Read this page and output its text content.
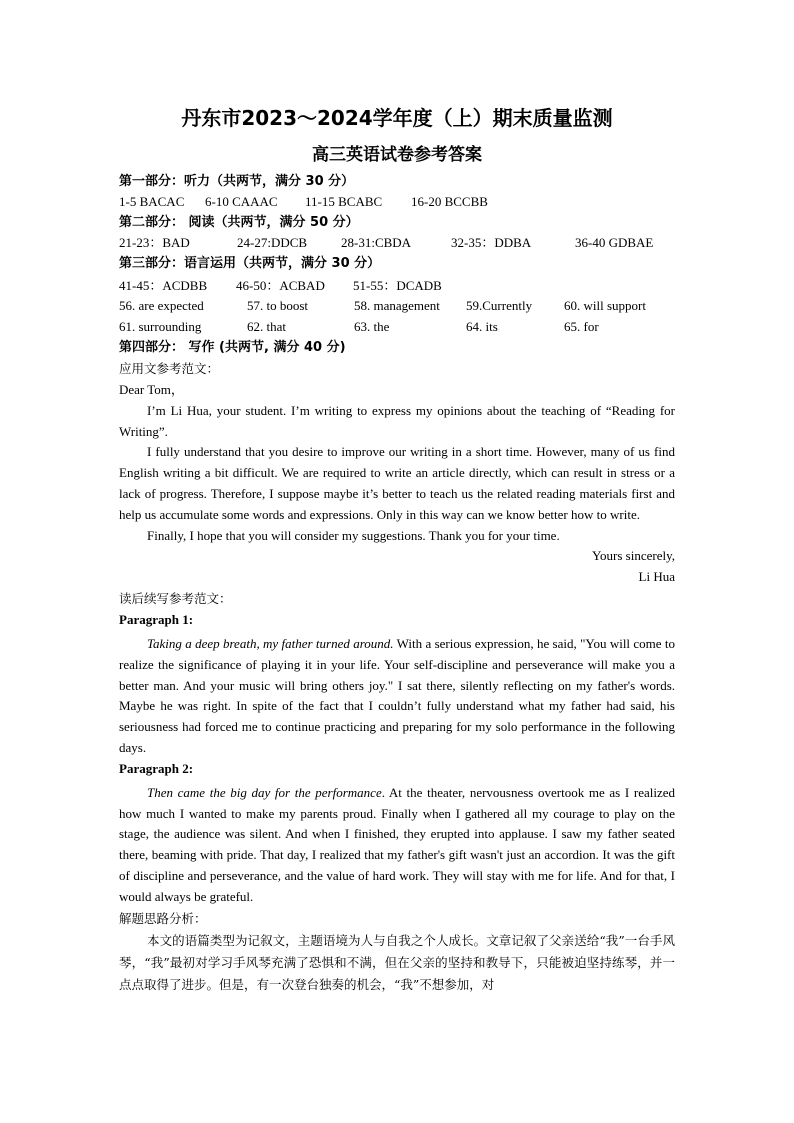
丹东市2023～2024学年度（上）期末质量监测
高三英语试卷参考答案
第一部分：听力（共两节，满分 30 分）
1-5 BACAC	6-10 CAAAC	11-15 BCABC	16-20 BCCBB
第二部分： 阅读（共两节，满分 50 分）
21-23：BAD	24-27:DDCB	28-31:CBDA	32-35：DDBA	36-40 GDBAE
第三部分：语言运用（共两节，满分 30 分）
41-45：ACDBB	46-50：ACBAD	51-55：DCADB
56. are expected	57. to boost	58. management	59.Currently	60. will support
61. surrounding	62. that	63. the	64. its	65. for
第四部分： 写作 (共两节, 满分 40 分)

应用文参考范文：

Dear Tom，

I’m Li Hua, your student. I’m writing to express my opinions about the teaching of “Reading for Writing”.

I fully understand that you desire to improve our writing in a short time. However, many of us find English writing a bit difficult. We are required to write an article directly, which can result in stress or a lack of progress. Therefore, I suppose maybe it’s better to teach us the related reading materials first and help us accumulate some words and expressions. Only in this way can we know better how to write.

Finally, I hope that you will consider my suggestions. Thank you for your time.

Yours sincerely,

Li Hua

读后续写参考范文：

Paragraph 1:

Taking a deep breath, my father turned around. With a serious expression, he said, "You will come to realize the significance of playing it in your life. Your self-discipline and perseverance will make you a better man. And your music will bring others joy." I sat there, silently reflecting on my father's words. Maybe he was right. In spite of the fact that I couldn’t fully understand what my father had said, his seriousness had forced me to continue practicing and preparing for my solo performance in the following days.

Paragraph 2:

Then came the big day for the performance. At the theater, nervousness overtook me as I realized how much I wanted to make my parents proud. Finally when I gathered all my courage to play on the stage, the audience was silent. And when I finished, they erupted into applause. I saw my father seated there, beaming with pride. That day, I realized that my father's gift wasn't just an accordion. It was the gift of discipline and perseverance, and the value of hard work. They will stay with me for life. And for that, I would always be grateful.

解题思路分析：

本文的语篇类型为记叙文，主题语境为人与自我之个人成长。文章记叙了父亲送给“我”一台手风琴，“我”最初对学习手风琴充满了恐惧和不满，但在父亲的坚持和教导下，只能被迫坚持练琴，并一点点取得了进步。但是，有一次登台独奏的机会，“我”不想参加，对
